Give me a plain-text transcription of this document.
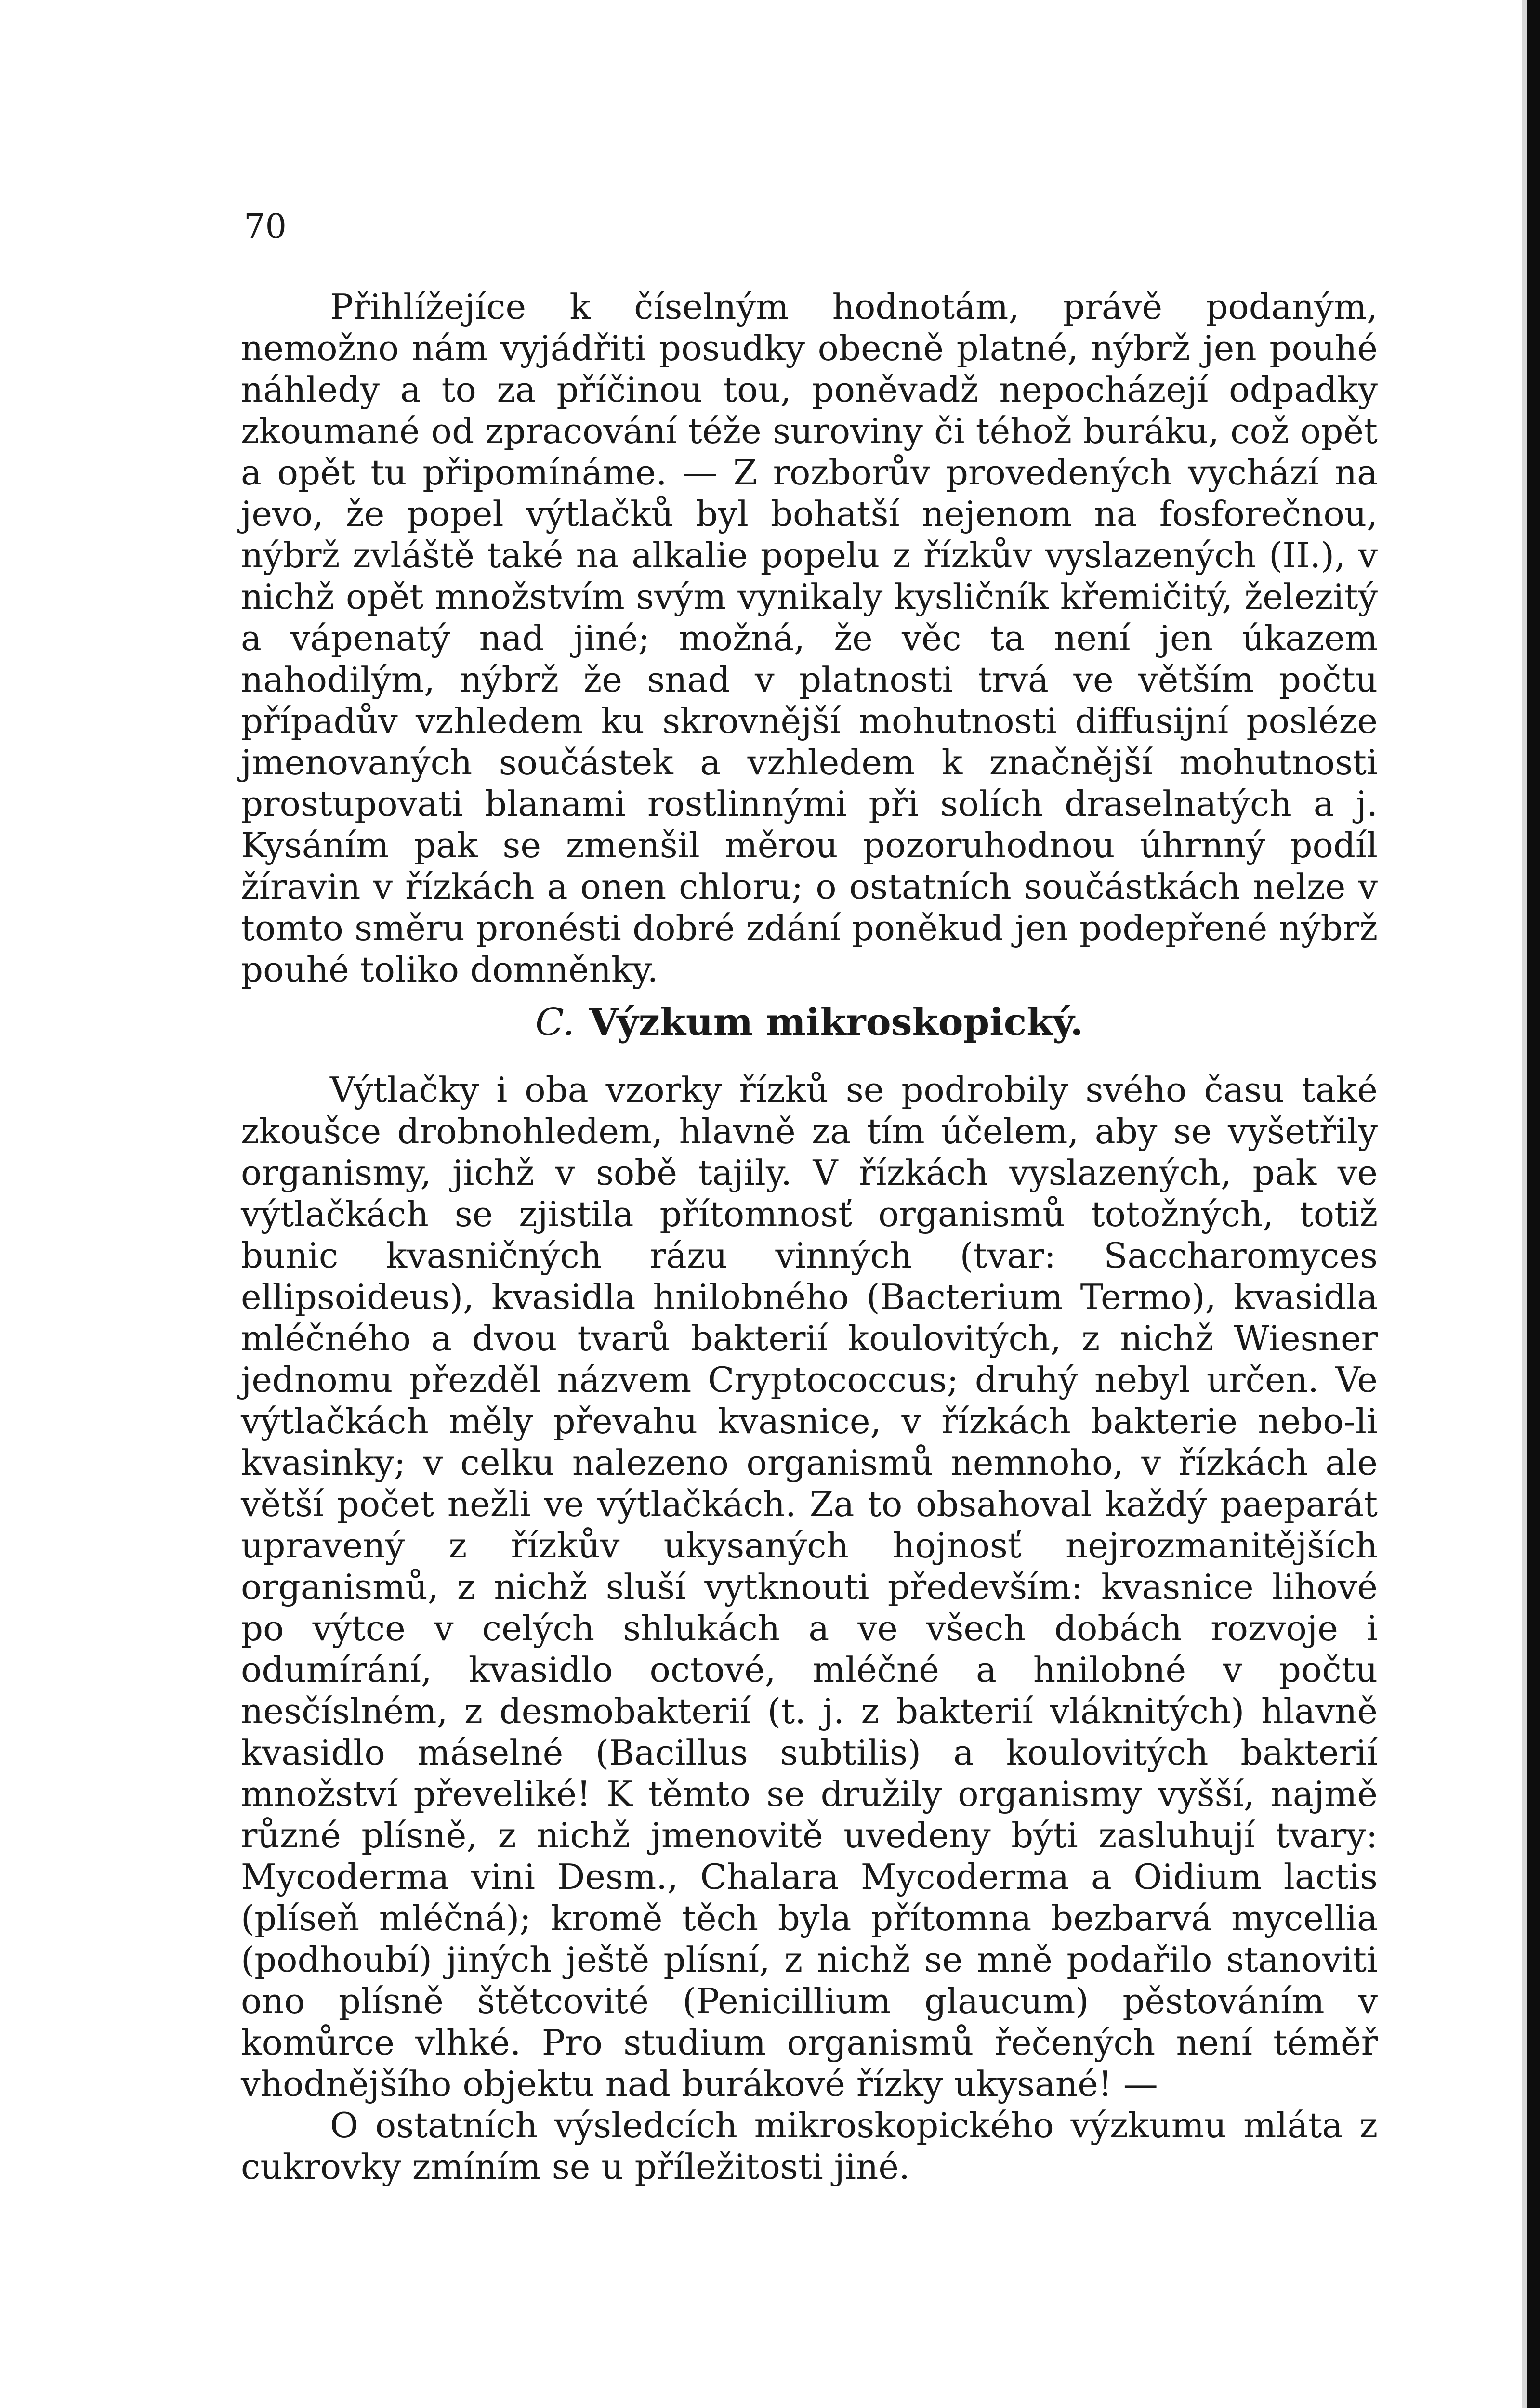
70

Přihlížejíce k číselným hodnotám, právě podaným, nemožno nám vyjádřiti posudky obecně platné, nýbrž jen pouhé náhledy a to za příčinou tou, poněvadž nepocházejí odpadky zkoumané od zpracování téže suroviny či téhož buráku, což opět a opět tu připomínáme. — Z rozborův provedených vychází na jevo, že popel výtlačků byl bohatší nejenom na fosforečnou, nýbrž zvláště také na alkalie popelu z řízkův vyslazených (II.), v nichž opět množstvím svým vynikaly kysličník křemičitý, železitý a vápenatý nad jiné; možná, že věc ta není jen úkazem nahodilým, nýbrž že snad v platnosti trvá ve větším počtu případův vzhledem ku skrovnější mohutnosti diffusijní posléze jmenovaných součástek a vzhledem k značnější mohutnosti prostupovati blanami rostlinnými při solích draselnatých a j. Kysáním pak se zmenšil měrou pozoruhodnou úhrnný podíl žíravin v řízkách a onen chloru; o ostatních součástkách nelze v tomto směru pronésti dobré zdání poněkud jen podepřené nýbrž pouhé toliko domněnky.

C. Výzkum mikroskopický.

Výtlačky i oba vzorky řízků se podrobily svého času také zkoušce drobnohledem, hlavně za tím účelem, aby se vyšetřily organismy, jichž v sobě tajily. V řízkách vyslazených, pak ve výtlačkách se zjistila přítomnosť organismů totožných, totiž bunic kvasničných rázu vinných (tvar: Saccharomyces ellipsoideus), kvasidla hnilobného (Bacterium Termo), kvasidla mléčného a dvou tvarů bakterií koulovitých, z nichž Wiesner jednomu přezděl názvem Cryptococcus; druhý nebyl určen. Ve výtlačkách měly převahu kvasnice, v řízkách bakterie nebo-li kvasinky; v celku nalezeno organismů nemnoho, v řízkách ale větší počet nežli ve výtlačkách. Za to obsahoval každý paeparát upravený z řízkův ukysaných hojnosť nejrozmanitějších organismů, z nichž sluší vytknouti především: kvasnice lihové po výtce v celých shlukách a ve všech dobách rozvoje i odumírání, kvasidlo octové, mléčné a hnilobné v počtu nesčíslném, z desmobakterií (t. j. z bakterií vláknitých) hlavně kvasidlo máselné (Bacillus subtilis) a koulovitých bakterií množství převeliké! K těmto se družily organismy vyšší, najmě různé plísně, z nichž jmenovitě uvedeny býti zasluhují tvary: Mycoderma vini Desm., Chalara Mycoderma a Oidium lactis (plíseň mléčná); kromě těch byla přítomna bezbarvá mycellia (podhoubí) jiných ještě plísní, z nichž se mně podařilo stanoviti ono plísně štětcovité (Penicillium glaucum) pěstováním v komůrce vlhké. Pro studium organismů řečených není téměř vhodnějšího objektu nad burákové řízky ukysané! —

O ostatních výsledcích mikroskopického výzkumu mláta z cukrovky zmíním se u příležitosti jiné.
